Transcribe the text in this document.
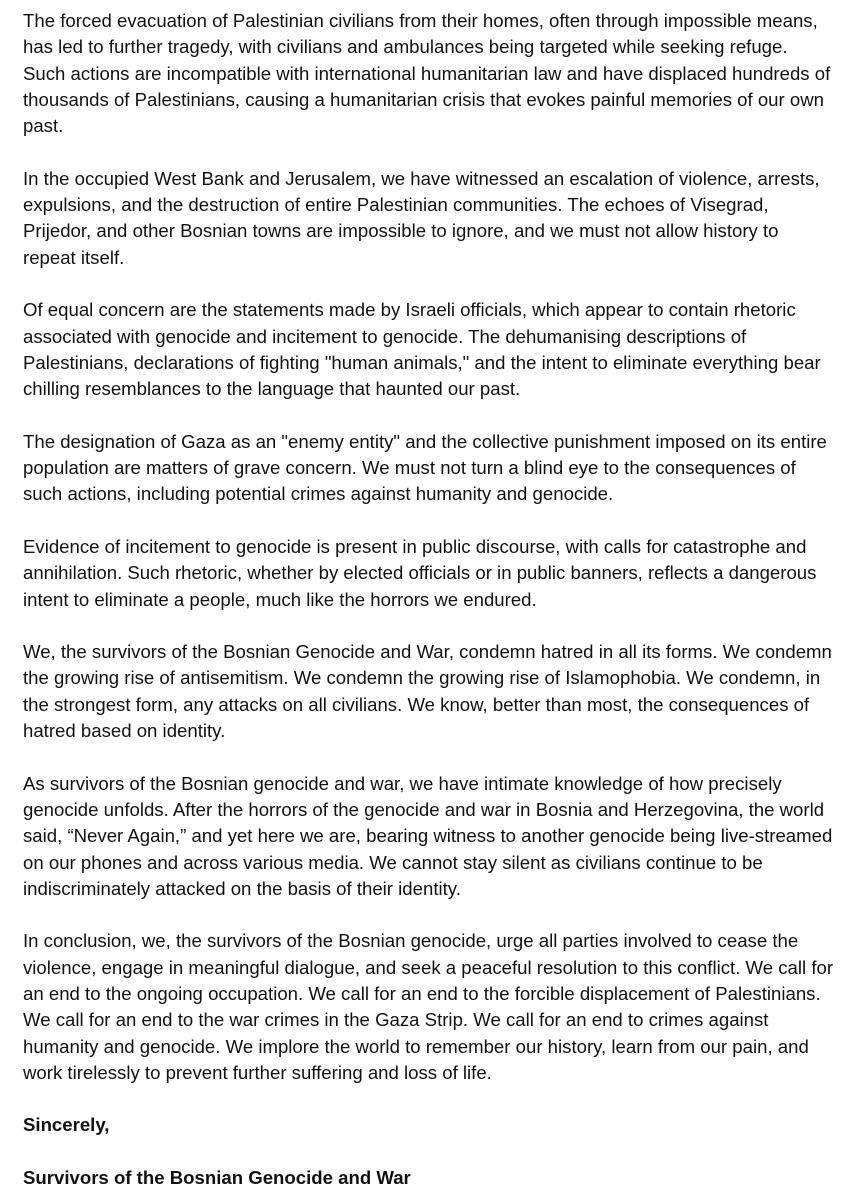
The forced evacuation of Palestinian civilians from their homes, often through impossible means, has led to further tragedy, with civilians and ambulances being targeted while seeking refuge. Such actions are incompatible with international humanitarian law and have displaced hundreds of thousands of Palestinians, causing a humanitarian crisis that evokes painful memories of our own past.

In the occupied West Bank and Jerusalem, we have witnessed an escalation of violence, arrests, expulsions, and the destruction of entire Palestinian communities. The echoes of Visegrad, Prijedor, and other Bosnian towns are impossible to ignore, and we must not allow history to repeat itself.

Of equal concern are the statements made by Israeli officials, which appear to contain rhetoric associated with genocide and incitement to genocide. The dehumanising descriptions of Palestinians, declarations of fighting "human animals," and the intent to eliminate everything bear chilling resemblances to the language that haunted our past.

The designation of Gaza as an "enemy entity" and the collective punishment imposed on its entire population are matters of grave concern. We must not turn a blind eye to the consequences of such actions, including potential crimes against humanity and genocide.

Evidence of incitement to genocide is present in public discourse, with calls for catastrophe and annihilation. Such rhetoric, whether by elected officials or in public banners, reflects a dangerous intent to eliminate a people, much like the horrors we endured.

We, the survivors of the Bosnian Genocide and War, condemn hatred in all its forms. We condemn the growing rise of antisemitism. We condemn the growing rise of Islamophobia. We condemn, in the strongest form, any attacks on all civilians. We know, better than most, the consequences of hatred based on identity.

As survivors of the Bosnian genocide and war, we have intimate knowledge of how precisely genocide unfolds. After the horrors of the genocide and war in Bosnia and Herzegovina, the world said, “Never Again,” and yet here we are, bearing witness to another genocide being live-streamed on our phones and across various media. We cannot stay silent as civilians continue to be indiscriminately attacked on the basis of their identity.

In conclusion, we, the survivors of the Bosnian genocide, urge all parties involved to cease the violence, engage in meaningful dialogue, and seek a peaceful resolution to this conflict. We call for an end to the ongoing occupation. We call for an end to the forcible displacement of Palestinians. We call for an end to the war crimes in the Gaza Strip. We call for an end to crimes against humanity and genocide. We implore the world to remember our history, learn from our pain, and work tirelessly to prevent further suffering and loss of life.

Sincerely,

Survivors of the Bosnian Genocide and War
